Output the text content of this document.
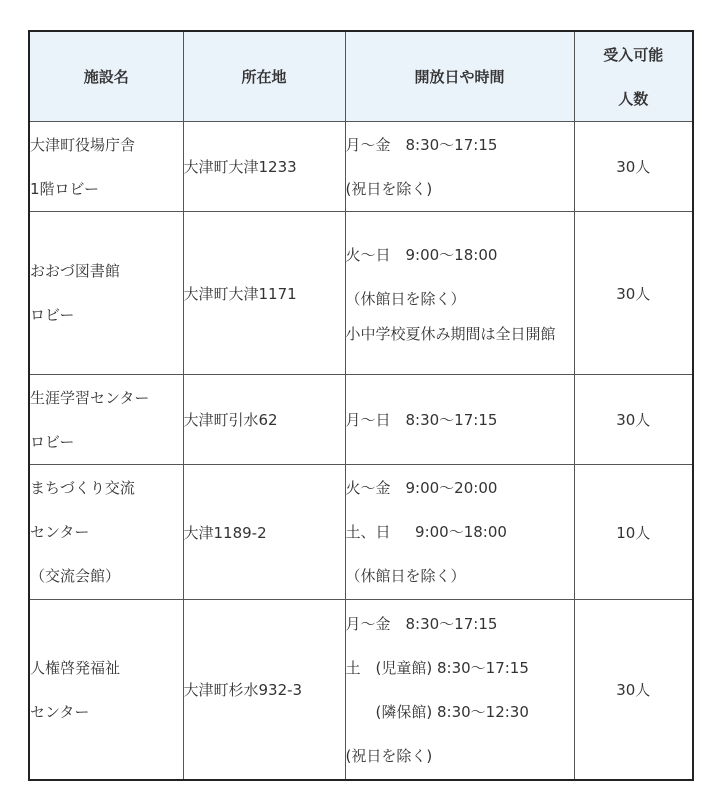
施設名	所在地	開放日や時間	受入可能
人数

大津町役場庁舎
1階ロビー	大津町大津1233	月～金　8:30～17:15
(祝日を除く)	30人

おおづ図書館
ロビー	大津町大津1171	火～日　9:00～18:00
（休館日を除く）
小中学校夏休み期間は全日開館	30人

生涯学習センター
ロビー	大津町引水62	月～日　8:30～17:15	30人

まちづくり交流
センター
（交流会館）	大津1189-2	火～金　9:00～20:00
土、日　  9:00～18:00
（休館日を除く）	10人

人権啓発福祉
センター	大津町杉水932-3	月～金　8:30～17:15
土　(児童館) 8:30～17:15
　　(隣保館) 8:30～12:30
(祝日を除く)	30人
